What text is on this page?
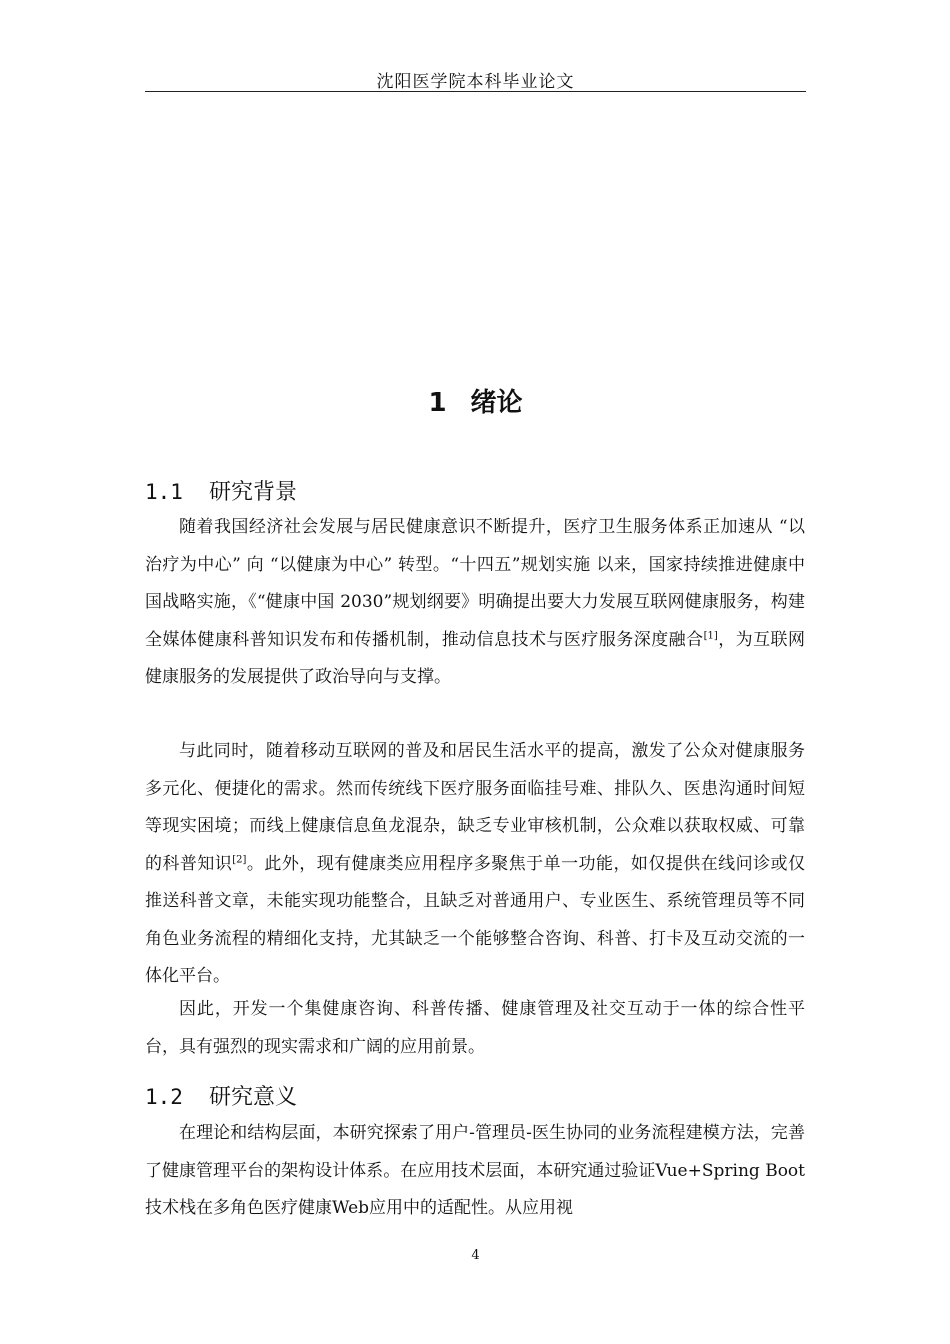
沈阳医学院本科毕业论文
1 绪论
1.1 研究背景

随着我国经济社会发展与居民健康意识不断提升，医疗卫生服务体系正加速从 “以治疗为中心” 向 “以健康为中心” 转型。“十四五”规划实施 以来，国家持续推进健康中国战略实施，《“健康中国 2030”规划纲要》明确提出要大力发展互联网健康服务，构建全媒体健康科普知识发布和传播机制，推动信息技术与医疗服务深度融合[1]，为互联网健康服务的发展提供了政治导向与支撑。

与此同时，随着移动互联网的普及和居民生活水平的提高，激发了公众对健康服务多元化、便捷化的需求。然而传统线下医疗服务面临挂号难、排队久、医患沟通时间短等现实困境；而线上健康信息鱼龙混杂，缺乏专业审核机制，公众难以获取权威、可靠的科普知识[2]。此外，现有健康类应用程序多聚焦于单一功能，如仅提供在线问诊或仅推送科普文章，未能实现功能整合，且缺乏对普通用户、专业医生、系统管理员等不同角色业务流程的精细化支持，尤其缺乏一个能够整合咨询、科普、打卡及互动交流的一体化平台。

因此，开发一个集健康咨询、科普传播、健康管理及社交互动于一体的综合性平台，具有强烈的现实需求和广阔的应用前景。

1.2 研究意义

在理论和结构层面，本研究探索了用户-管理员-医生协同的业务流程建模方法，完善了健康管理平台的架构设计体系。在应用技术层面，本研究通过验证Vue+Spring Boot技术栈在多角色医疗健康Web应用中的适配性。从应用视

4
